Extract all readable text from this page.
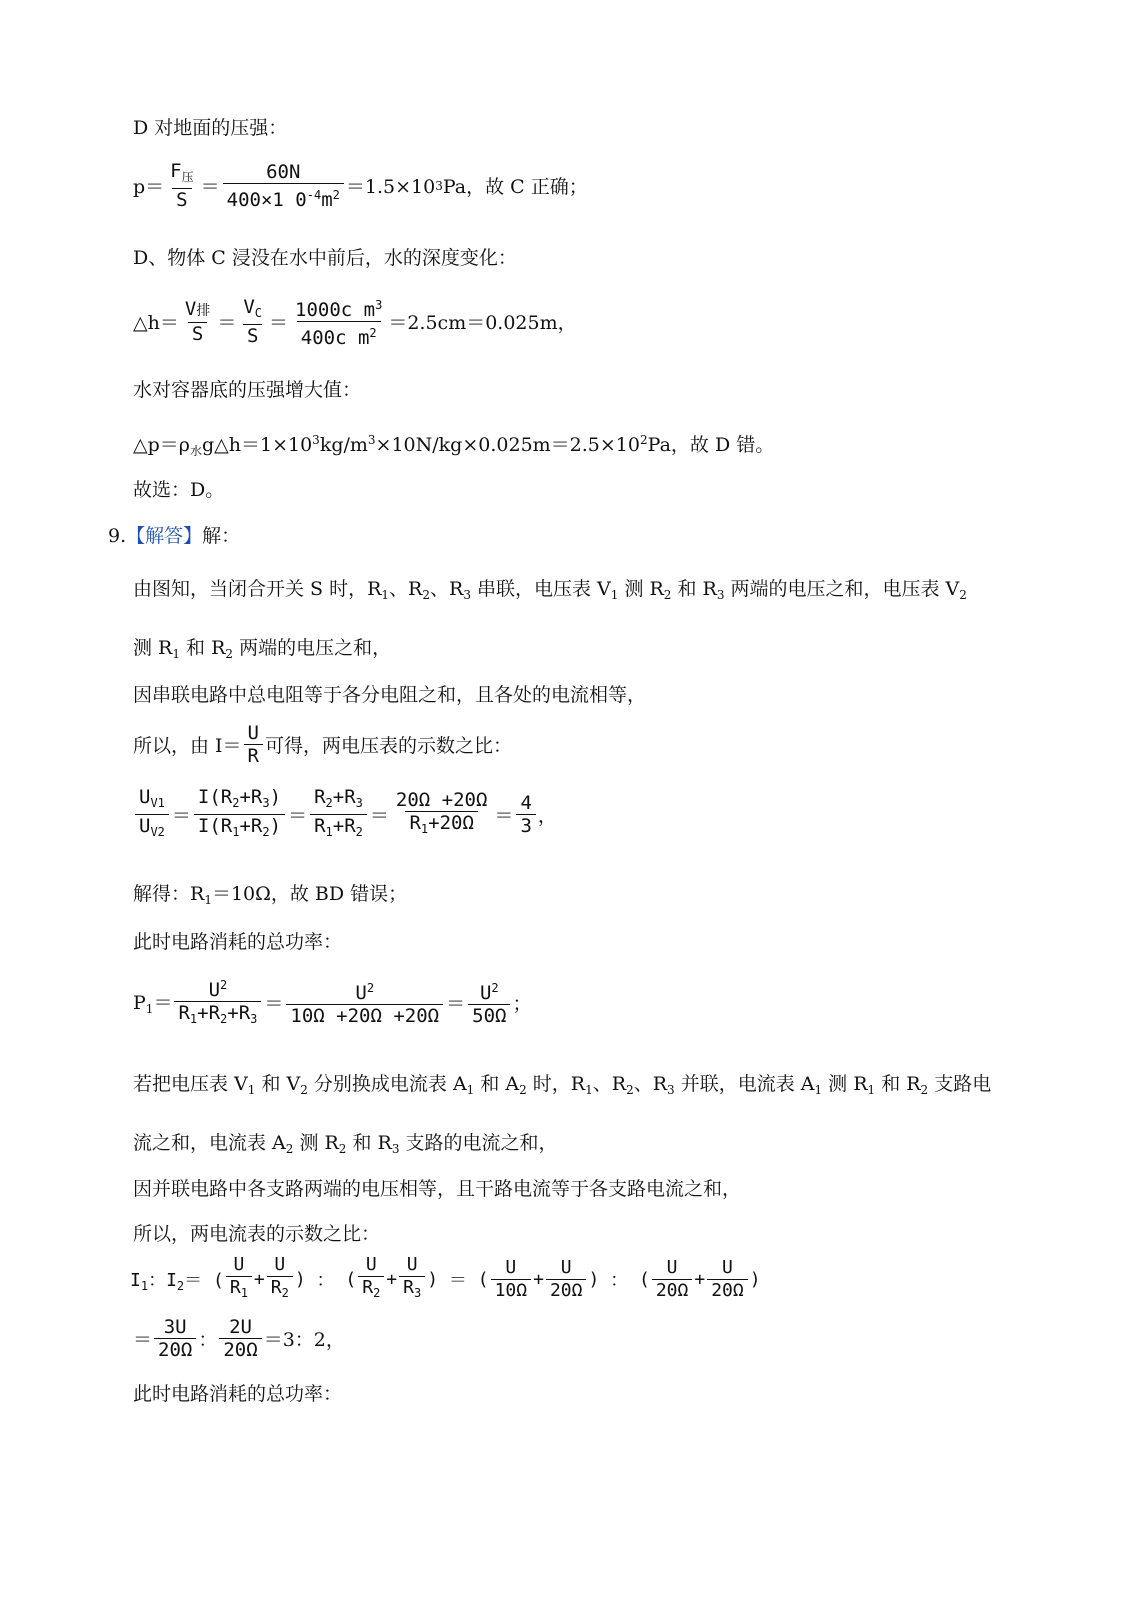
D 对地面的压强：
$p= \frac{F_压}{S} = \frac{60N}{400\times 1 0^{-4}m^2} =1.5\times 10$ 3 Pa，故 C 正确；
D、物体 C 浸没在水中前后，水的深度变化：
△h＝ $\frac{\text{V排}}{S} = \frac{V_C}{S} = \frac{1000c m^3}{400c m^2} =2.5cm=0.025m$，
水对容器底的压强增大值：
$\triangle p=\rho_水g\triangle h=1\times 10^3kg/m^3\times 10N/kg\times 0.025m=2.5\times 10^2Pa$，故 D 错。
故选：D。
9.【解答】解：
由图知，当闭合开关 S 时，$R_1$、$R_2$、$R_3$ 串联，电压表 $V_1$ 测 $R_2$ 和 $R_3$ 两端的电压之和，电压表 $V_2$
测 $R_1$ 和 $R_2$ 两端的电压之和，
因串联电路中总电阻等于各分电阻之和，且各处的电流相等，
所以，由 $I= \frac{U}{R}$ 可得，两电压表的示数之比：
$\frac{U_{V1}}{U_{V2}} = \frac{I(R_2+R_3)}{I(R_1+R_2)} = \frac{R_2+R_3}{R_1+R_2} = \frac{20\Omega +20\Omega}{R_1+20\Omega} = \frac{4}{3}$ ，
解得：$R_1=10\Omega$，故 BD 错误；
此时电路消耗的总功率：
$P_1= \frac{U^2}{R_1+R_2+R_3} = \frac{U^2}{10\Omega +20\Omega +20\Omega} = \frac{U^2}{50\Omega}$ ；
若把电压表 $V_1$ 和 $V_2$ 分别换成电流表 $A_1$ 和 $A_2$ 时，$R_1$、$R_2$、$R_3$ 并联，电流表 $A_1$ 测 $R_1$ 和 $R_2$ 支路电
流之和，电流表 $A_2$ 测 $R_2$ 和 $R_3$ 支路的电流之和，
因并联电路中各支路两端的电压相等，且干路电流等于各支路电流之和，
所以，两电流表的示数之比：
$I_1$：$I_2=$ ( $\frac{U}{R_1} + \frac{U}{R_2}$ ) ： ( $\frac{U}{R_2} + \frac{U}{R_3}$ ) ＝ ( $\frac{U}{10\Omega} + \frac{U}{20\Omega}$ ) ： ( $\frac{U}{20\Omega} + \frac{U}{20\Omega}$ )
＝ $\frac{3U}{20\Omega}$ ： $\frac{2U}{20\Omega} =3$：2，
此时电路消耗的总功率：
